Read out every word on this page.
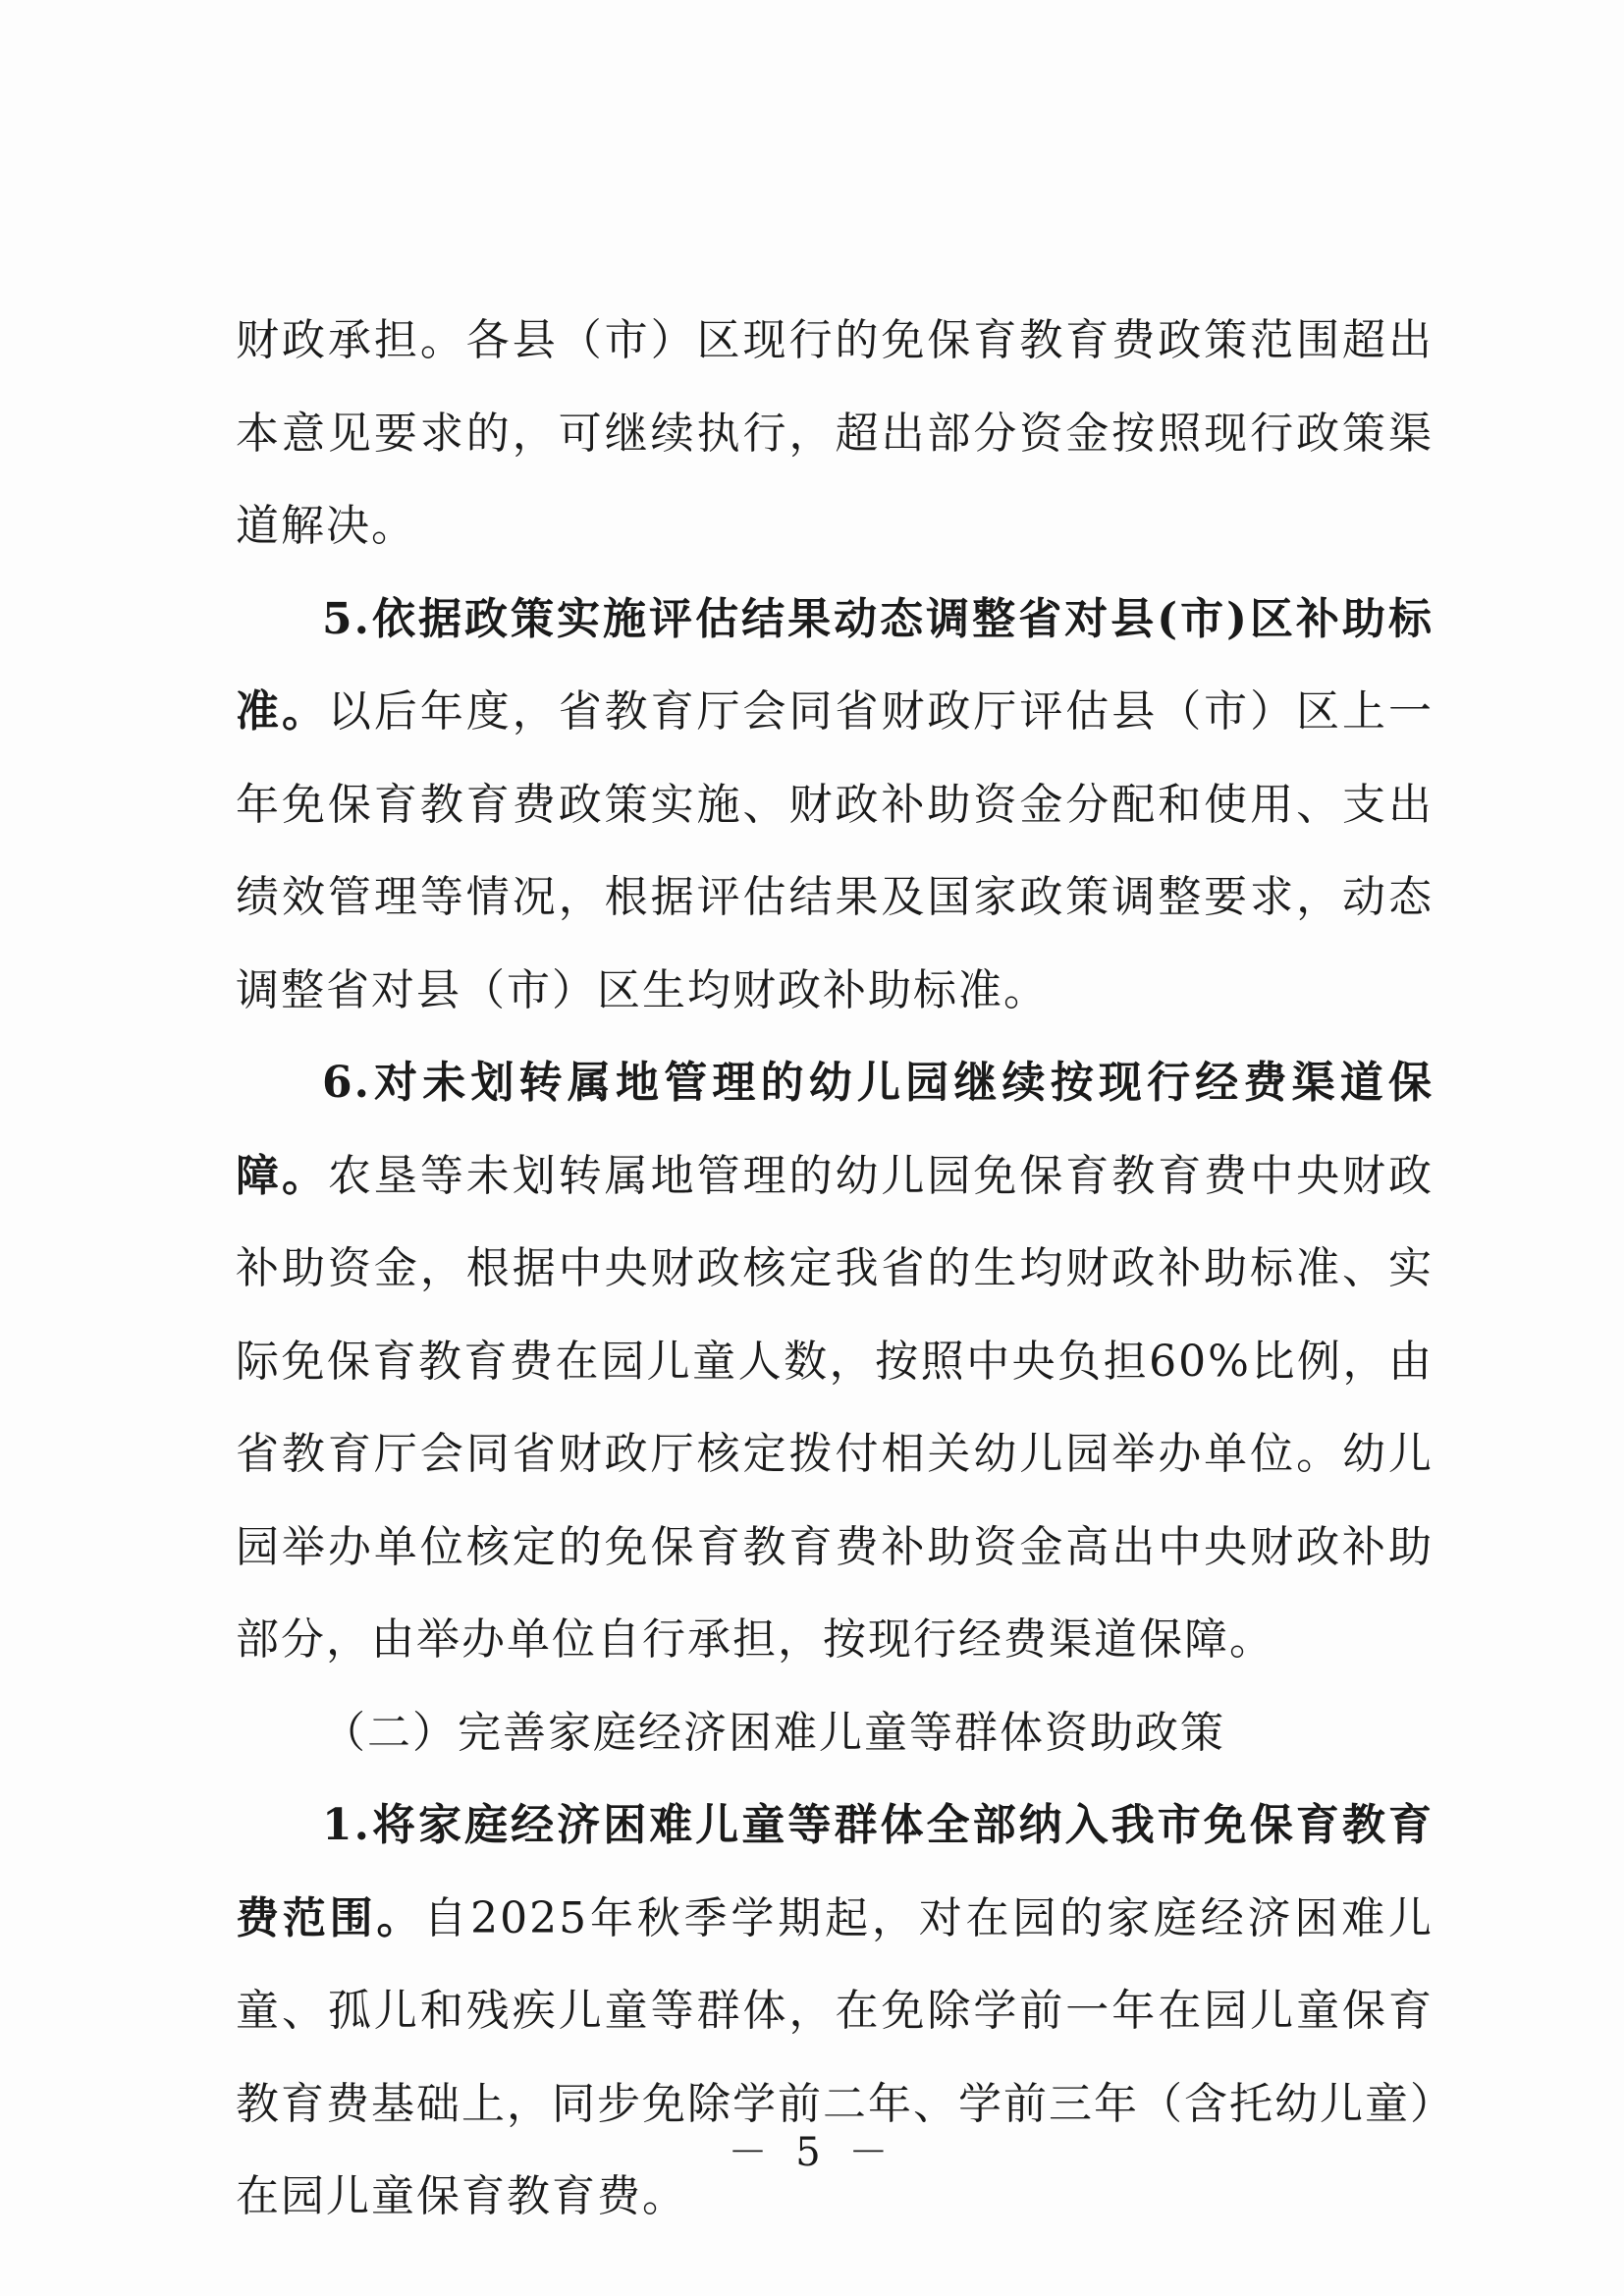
财政承担。各县（市）区现行的免保育教育费政策范围超出本意见要求的，可继续执行，超出部分资金按照现行政策渠道解决。

5.依据政策实施评估结果动态调整省对县(市)区补助标准。以后年度，省教育厅会同省财政厅评估县（市）区上一年免保育教育费政策实施、财政补助资金分配和使用、支出绩效管理等情况，根据评估结果及国家政策调整要求，动态调整省对县（市）区生均财政补助标准。

6.对未划转属地管理的幼儿园继续按现行经费渠道保障。农垦等未划转属地管理的幼儿园免保育教育费中央财政补助资金，根据中央财政核定我省的生均财政补助标准、实际免保育教育费在园儿童人数，按照中央负担60%比例，由省教育厅会同省财政厅核定拨付相关幼儿园举办单位。幼儿园举办单位核定的免保育教育费补助资金高出中央财政补助部分，由举办单位自行承担，按现行经费渠道保障。

（二）完善家庭经济困难儿童等群体资助政策

1.将家庭经济困难儿童等群体全部纳入我市免保育教育费范围。自2025年秋季学期起，对在园的家庭经济困难儿童、孤儿和残疾儿童等群体，在免除学前一年在园儿童保育教育费基础上，同步免除学前二年、学前三年（含托幼儿童）在园儿童保育教育费。

－ 5 －
